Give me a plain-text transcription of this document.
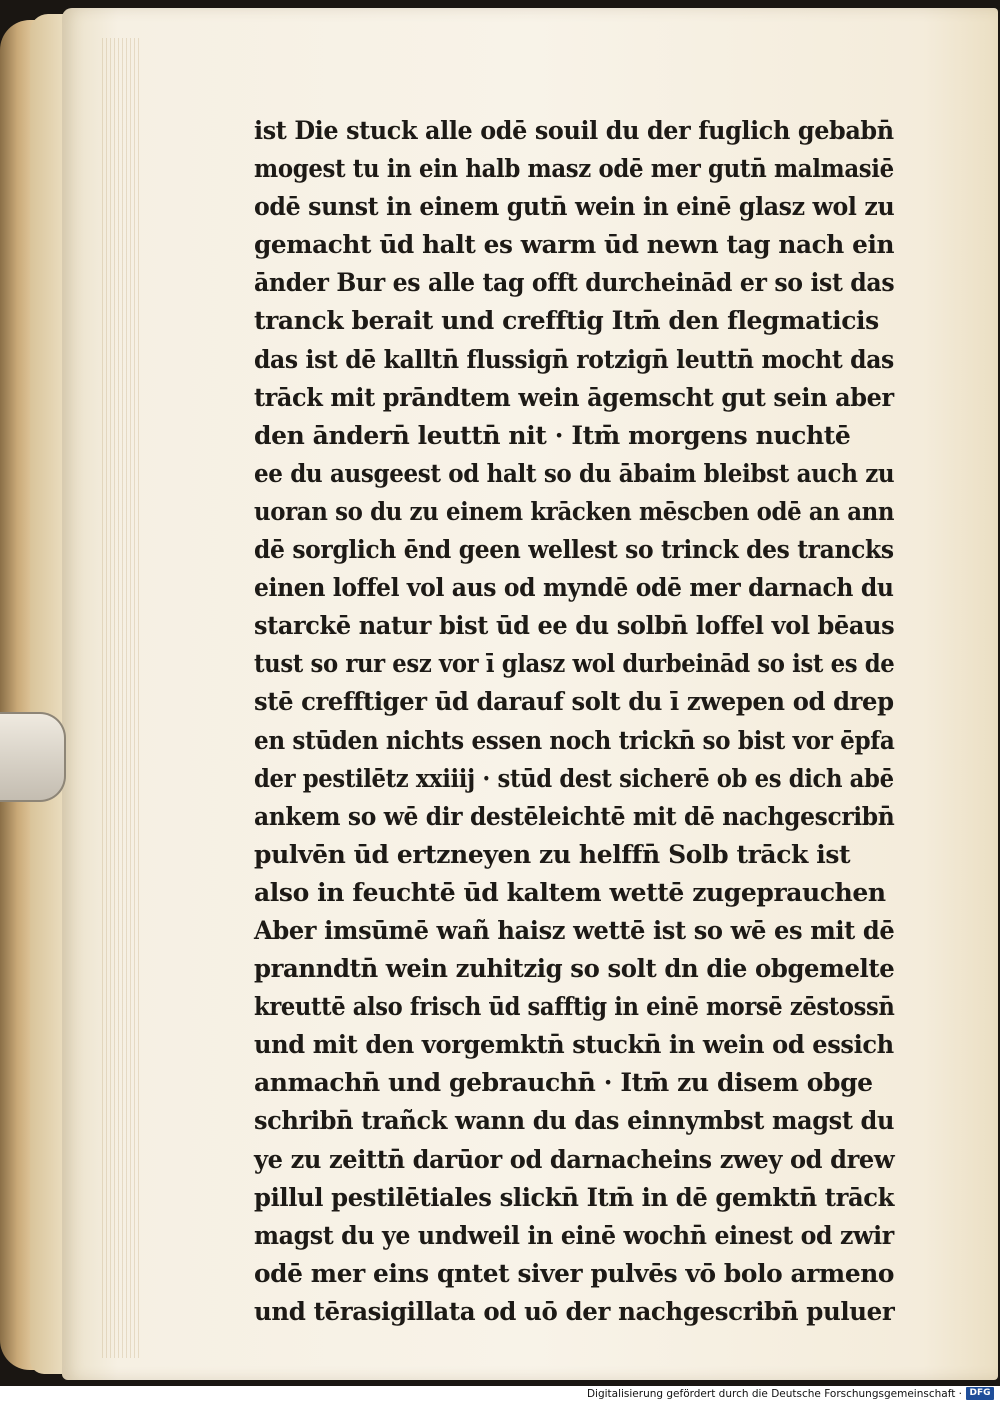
ist Die stuck alle odē souil du der fuglich gebabn̄
mogest tu in ein halb masz odē mer gutn̄ malmasiē
odē sunst in einem gutn̄ wein in einē glasz wol zu
gemacht ūd halt es warm ūd newn tag nach ein
ānder Bur es alle tag offt durcheinād er so ist das
tranck berait und crefftig Itm̄ den flegmaticis
das ist dē kalltn̄ flussign̄ rotzign̄ leuttn̄ mocht das
trāck mit prāndtem wein āgemscht gut sein aber
den āndern̄ leuttn̄ nit · Itm̄ morgens nuchtē
ee du ausgeest od halt so du ābaim bleibst auch zu
uoran so du zu einem krācken mēscben odē an ann
dē sorglich ēnd geen wellest so trinck des trancks
einen loffel vol aus od myndē odē mer darnach du
starckē natur bist ūd ee du solbn̄ loffel vol bēaus
tust so rur esz vor ī glasz wol durbeinād so ist es de
stē crefftiger ūd darauf solt du ī zwepen od drep
en stūden nichts essen noch trickn̄ so bist vor ēpfa
der pestilētz xxiiij · stūd dest sicherē ob es dich abē
ankem so wē dir destēleichtē mit dē nachgescribn̄
pulvēn ūd ertzneyen zu helffn̄ Solb trāck ist
also in feuchtē ūd kaltem wettē zugeprauchen
Aber imsūmē wañ haisz wettē ist so wē es mit dē
pranndtn̄ wein zuhitzig so solt dn die obgemelte
kreuttē also frisch ūd safftig in einē morsē zēstossn̄
und mit den vorgemktn̄ stuckn̄ in wein od essich
anmachn̄ und gebrauchn̄ · Itm̄ zu disem obge
schribn̄ trañck wann du das einnymbst magst du
ye zu zeittn̄ darūor od darnacheins zwey od drew
pillul pestilētiales slickn̄ Itm̄ in dē gemktn̄ trāck
magst du ye undweil in einē wochn̄ einest od zwir
odē mer eins qntet siver pulvēs vō bolo armeno
und tērasigillata od uō der nachgescribn̄ puluer
Digitalisierung gefördert durch die Deutsche Forschungsgemeinschaft · DFG
